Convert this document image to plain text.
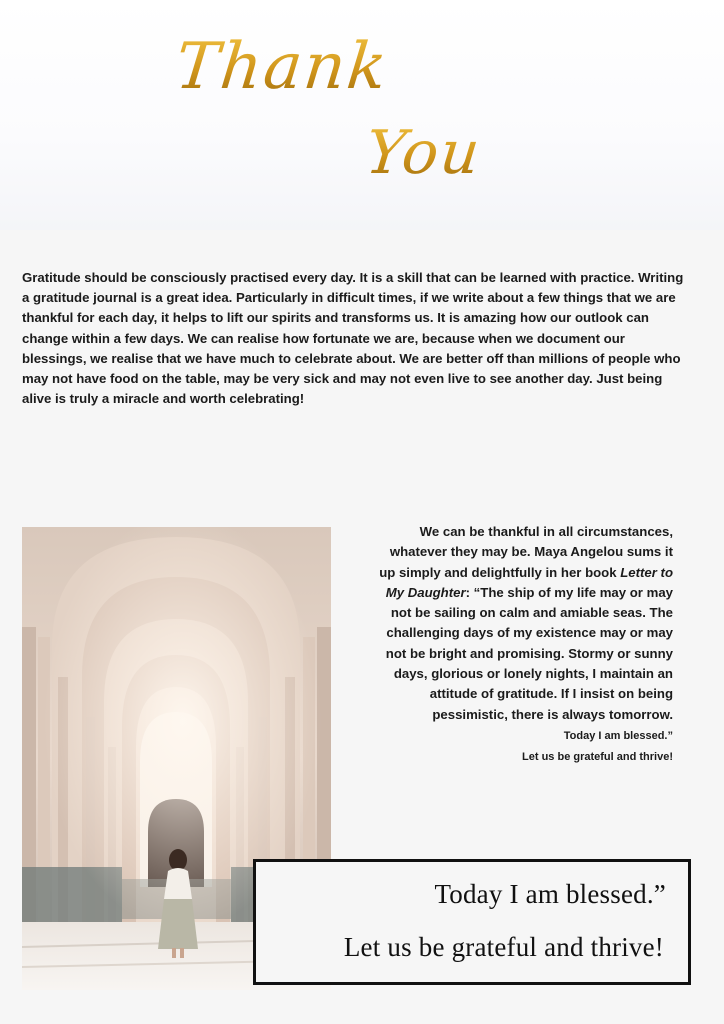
Thank
You

Gratitude should be consciously practised every day. It is a skill that can be learned with practice. Writing a gratitude journal is a great idea. Particularly in difficult times, if we write about a few things that we are thankful for each day, it helps to lift our spirits and transforms us. It is amazing how our outlook can change within a few days. We can realise how fortunate we are, because when we document our blessings, we realise that we have much to celebrate about. We are better off than millions of people who may not have food on the table, may be very sick and may not even live to see another day. Just being alive is truly a miracle and worth celebrating!

We can be thankful in all circumstances, whatever they may be. Maya Angelou sums it up simply and delightfully in her book Letter to My Daughter: “The ship of my life may or may not be sailing on calm and amiable seas. The challenging days of my existence may or may not be bright and promising. Stormy or sunny days, glorious or lonely nights, I maintain an attitude of gratitude. If I insist on being pessimistic, there is always tomorrow.
Today I am blessed.”
Let us be grateful and thrive!
Today I am blessed.”
Let us be grateful and thrive!
